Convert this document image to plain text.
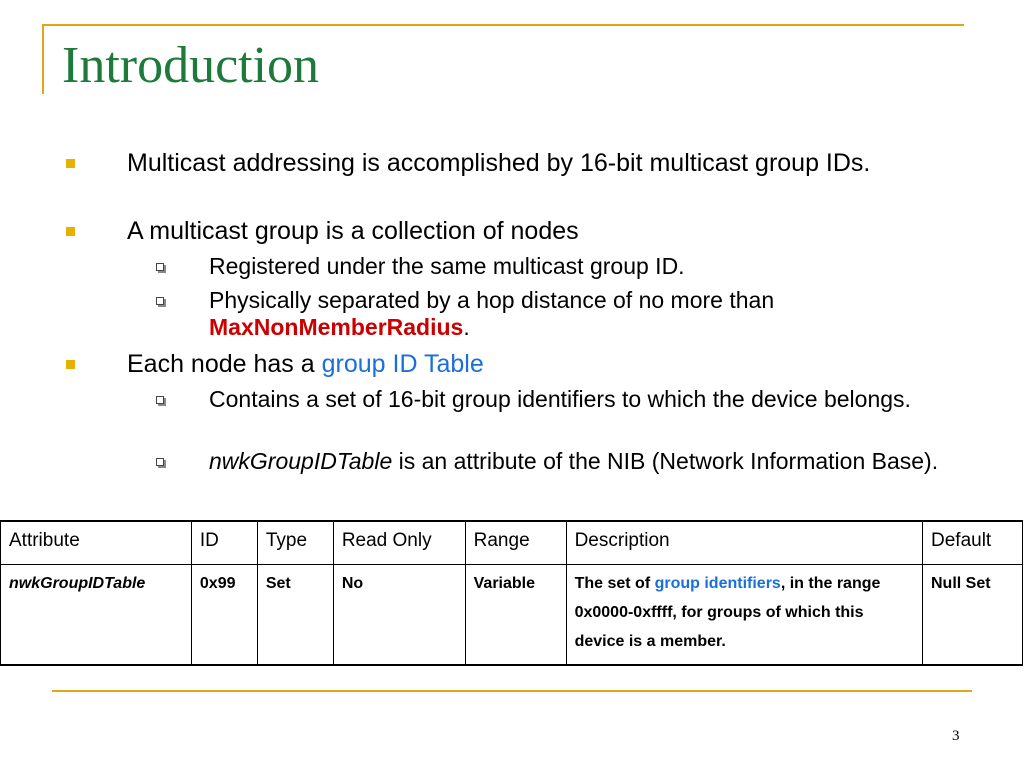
Introduction
Multicast addressing is accomplished by 16-bit multicast group IDs.
A multicast group is a collection of nodes
Registered under the same multicast group ID.
Physically separated by a hop distance of no more than
MaxNonMemberRadius.
Each node has a group ID Table
Contains a set of 16-bit group identifiers to which the device belongs.
nwkGroupIDTable is an attribute of the NIB (Network Information Base).
Attribute	ID	Type	Read Only	Range	Description	Default
nwkGroupIDTable	0x99	Set	No	Variable	The set of group identifiers, in the range 0x0000-0xffff, for groups of which this device is a member.	Null Set
3
